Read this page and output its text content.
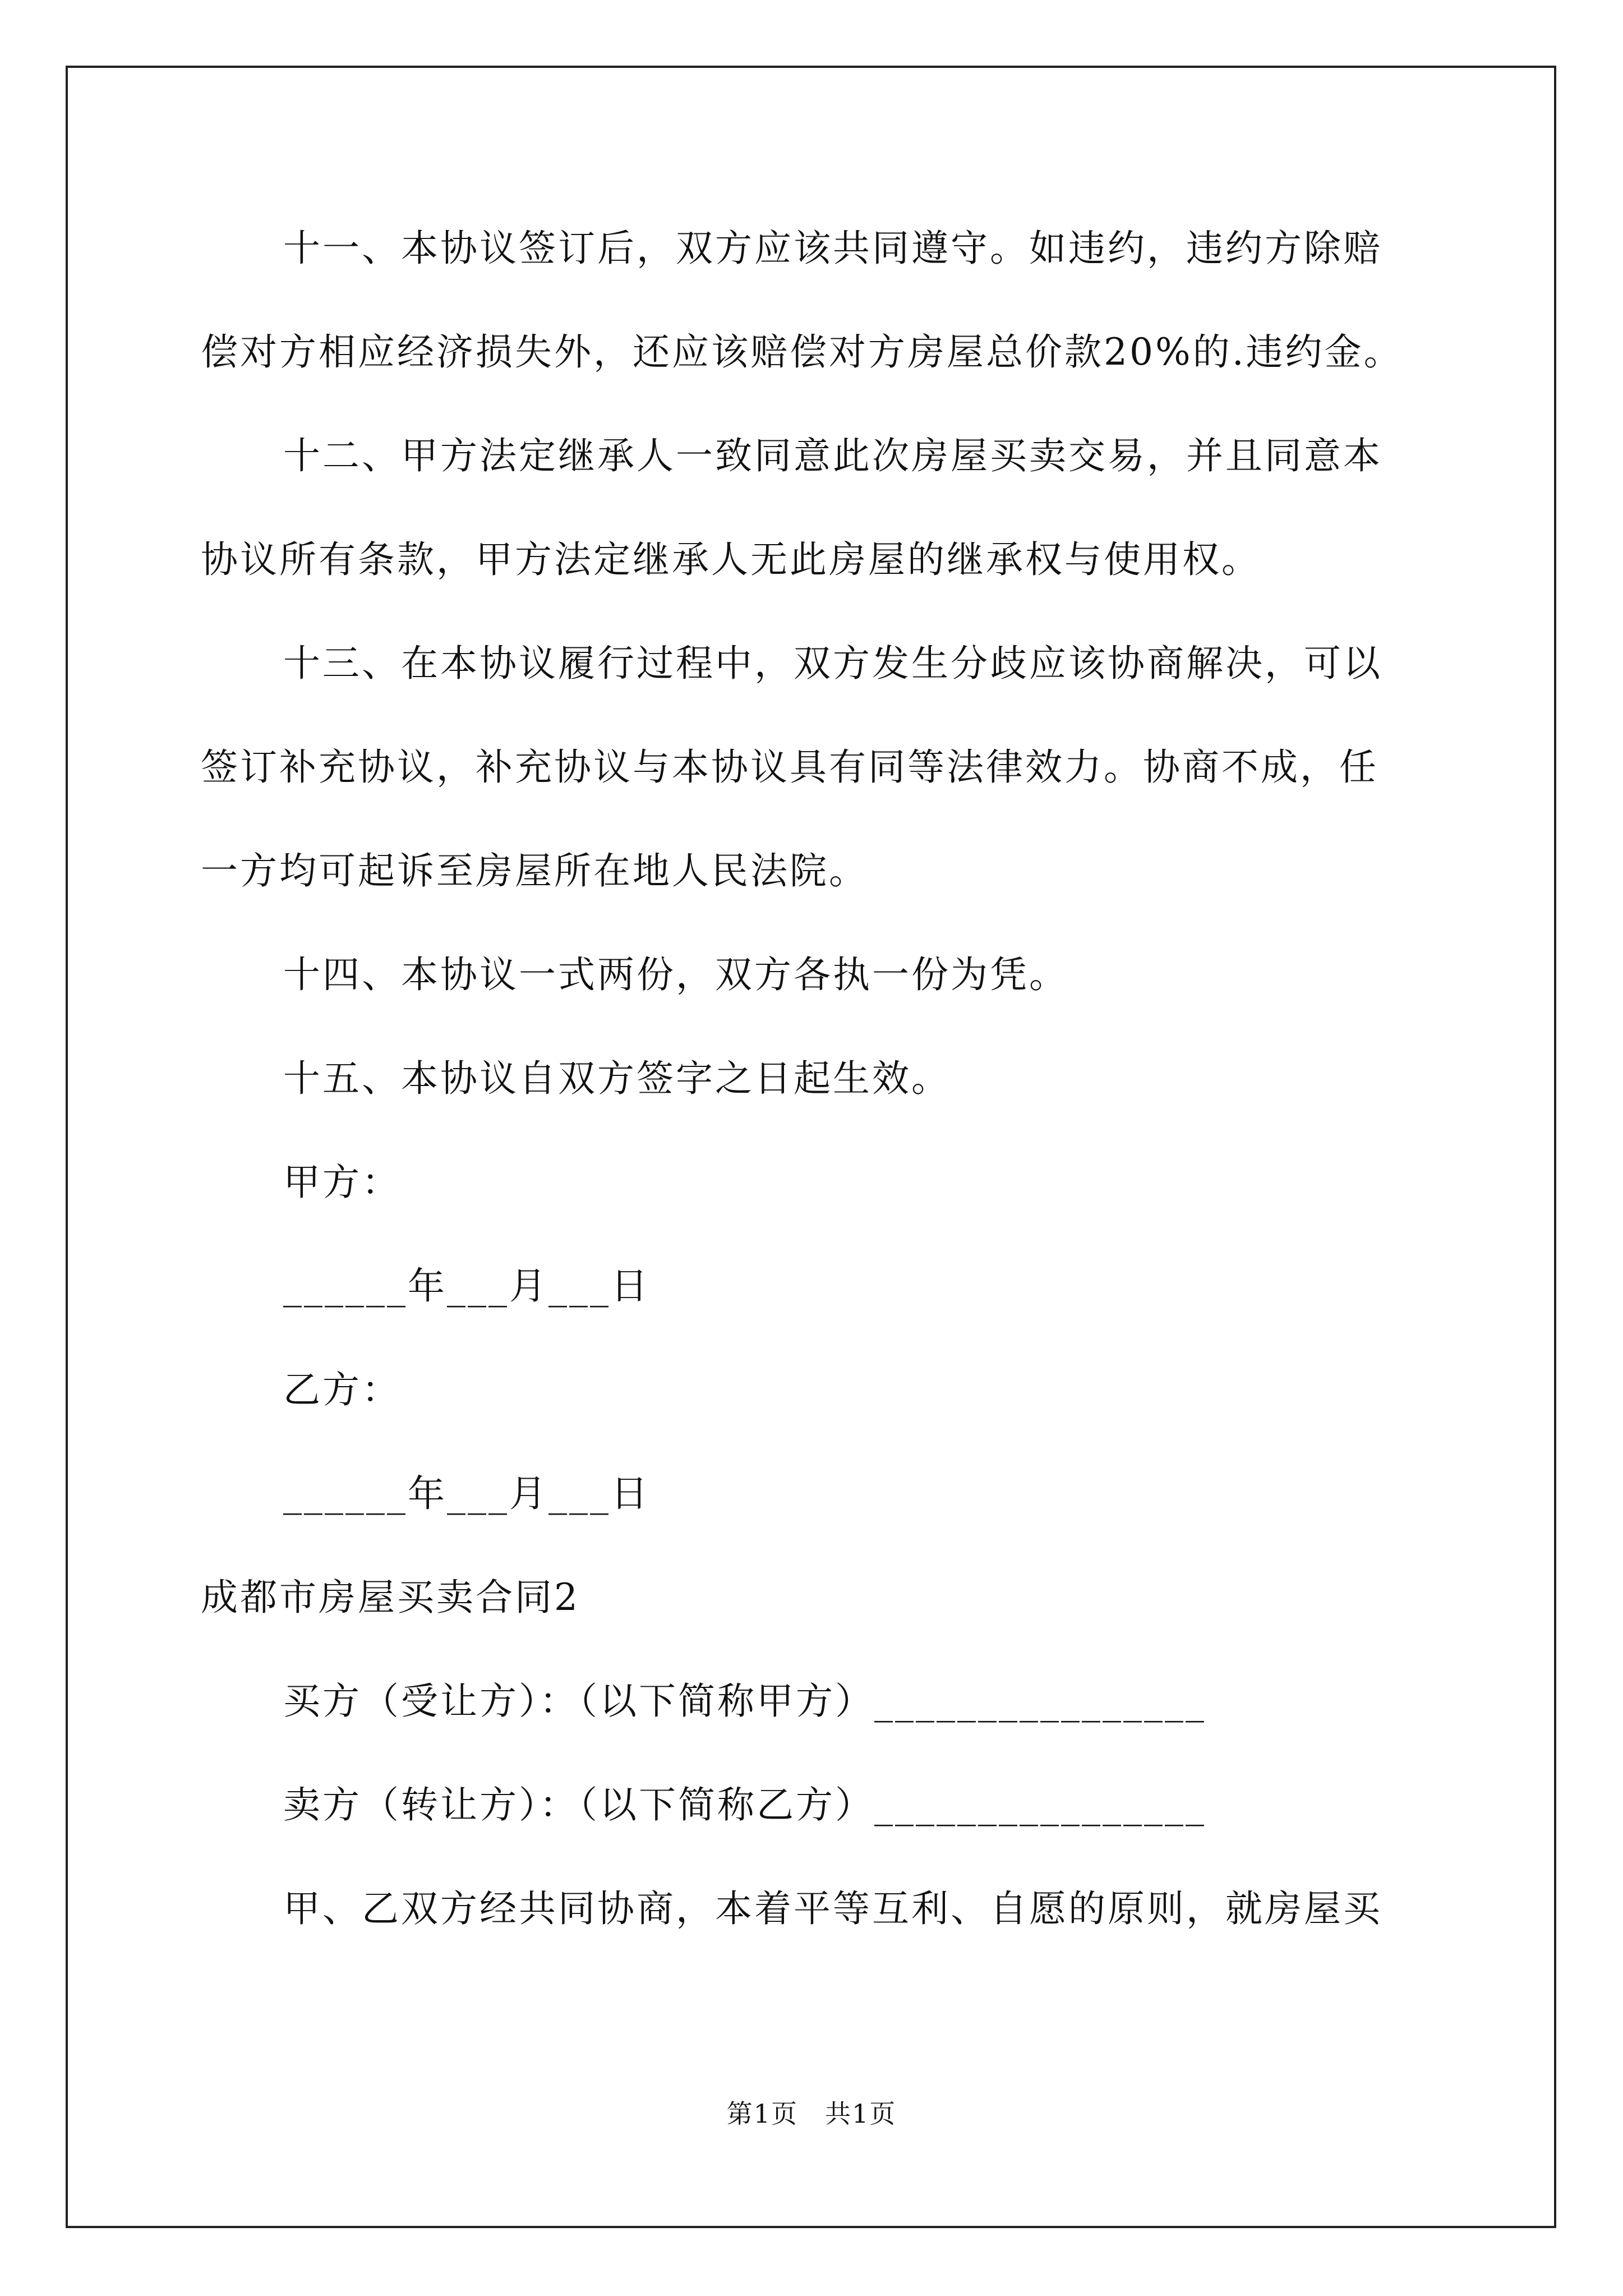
十一、本协议签订后，双方应该共同遵守。如违约，违约方除赔
偿对方相应经济损失外，还应该赔偿对方房屋总价款20%的.违约金。
十二、甲方法定继承人一致同意此次房屋买卖交易，并且同意本
协议所有条款，甲方法定继承人无此房屋的继承权与使用权。
十三、在本协议履行过程中，双方发生分歧应该协商解决，可以
签订补充协议，补充协议与本协议具有同等法律效力。协商不成，任
一方均可起诉至房屋所在地人民法院。
十四、本协议一式两份，双方各执一份为凭。
十五、本协议自双方签字之日起生效。
甲方：
______年___月___日
乙方：
______年___月___日
成都市房屋买卖合同2
买方（受让方）：（以下简称甲方）________________
卖方（转让方）：（以下简称乙方）________________
甲、乙双方经共同协商，本着平等互利、自愿的原则，就房屋买
第1页　共1页
